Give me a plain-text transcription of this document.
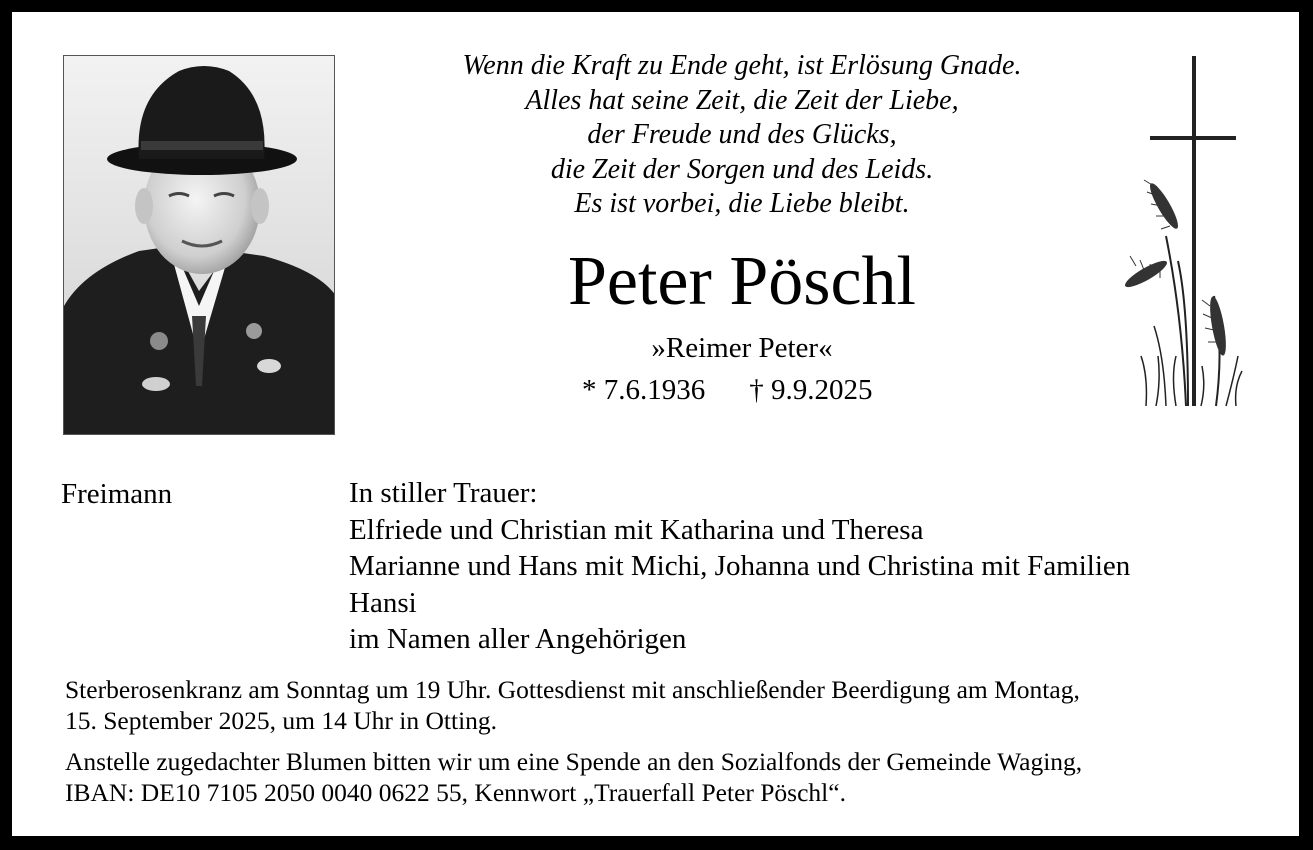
Wenn die Kraft zu Ende geht, ist Erlösung Gnade.
Alles hat seine Zeit, die Zeit der Liebe,
der Freude und des Glücks,
die Zeit der Sorgen und des Leids.
Es ist vorbei, die Liebe bleibt.
Peter Pöschl
»Reimer Peter«
* 7.6.1936 † 9.9.2025
Freimann	In stiller Trauer:
Elfriede und Christian mit Katharina und Theresa
Marianne und Hans mit Michi, Johanna und Christina mit Familien
Hansi
im Namen aller Angehörigen
Sterberosenkranz am Sonntag um 19 Uhr. Gottesdienst mit anschließender Beerdigung am Montag,
15. September 2025, um 14 Uhr in Otting.
Anstelle zugedachter Blumen bitten wir um eine Spende an den Sozialfonds der Gemeinde Waging,
IBAN: DE10 7105 2050 0040 0622 55, Kennwort „Trauerfall Peter Pöschl“.
